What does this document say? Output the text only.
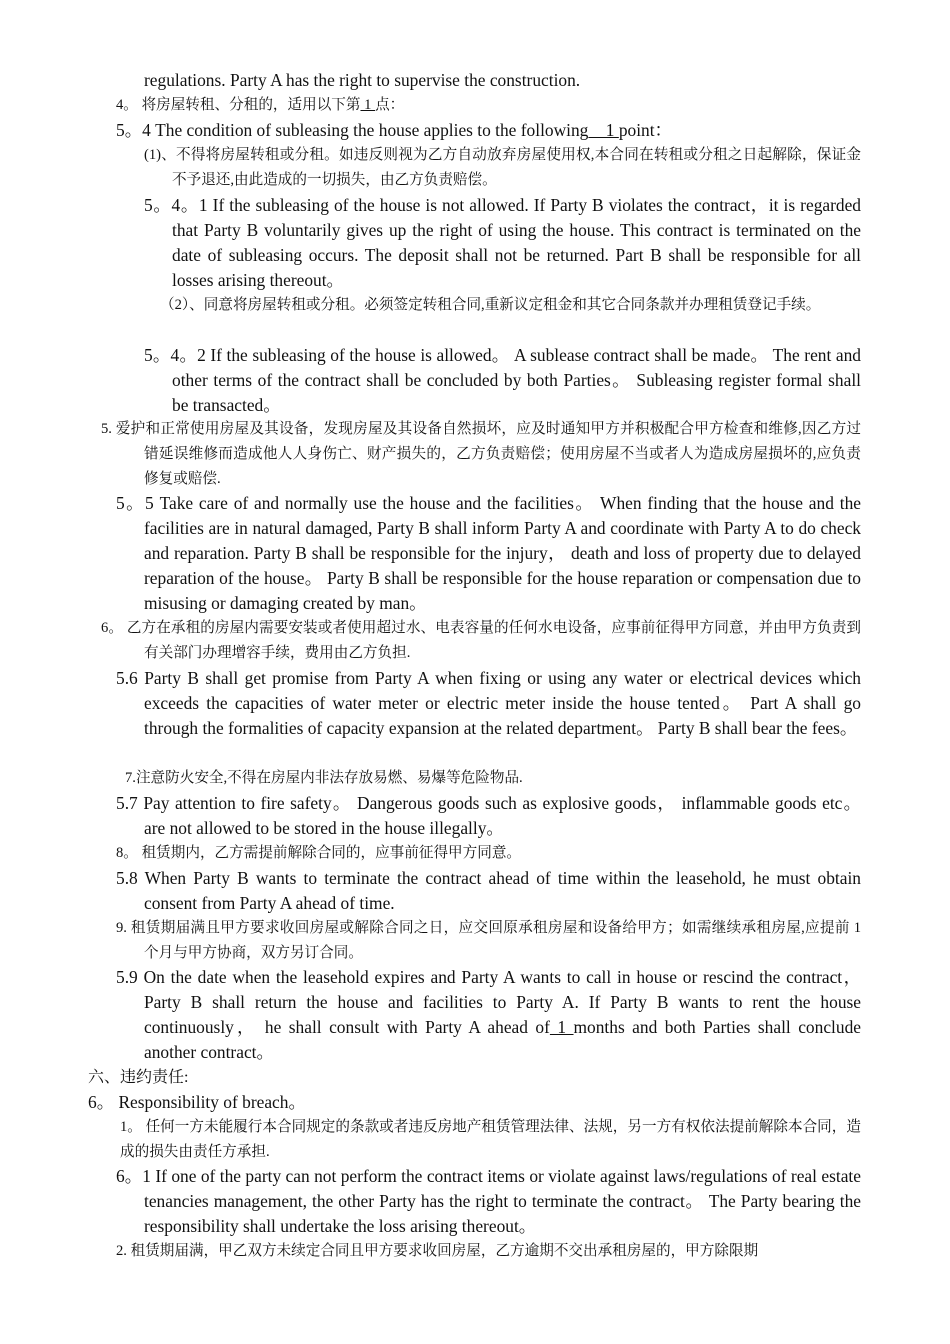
regulations. Party A has the right to supervise the construction.

4。 将房屋转租、分租的，适用以下第 1 点：

5。4 The condition of subleasing the house applies to the following    1 point：

(1)、不得将房屋转租或分租。如违反则视为乙方自动放弃房屋使用权,本合同在转租或分租之日起解除，保证金不予退还,由此造成的一切损失，由乙方负责赔偿。

5。4。1 If the subleasing of the house is not allowed. If Party B violates the contract，it is regarded that Party B voluntarily gives up the right of using the house. This contract is terminated on the date of subleasing occurs. The deposit shall not be returned. Part B shall be responsible for all losses arising thereout。

（2）、同意将房屋转租或分租。必须签定转租合同,重新议定租金和其它合同条款并办理租赁登记手续。

5。4。2 If the subleasing of the house is allowed。 A sublease contract shall be made。 The rent and other terms of the contract shall be concluded by both Parties。 Subleasing register formal shall be transacted。

5. 爱护和正常使用房屋及其设备，发现房屋及其设备自然损坏，应及时通知甲方并积极配合甲方检查和维修,因乙方过错延误维修而造成他人人身伤亡、财产损失的，乙方负责赔偿；使用房屋不当或者人为造成房屋损坏的,应负责修复或赔偿.

5。5 Take care of and normally use the house and the facilities。 When finding that the house and the facilities are in natural damaged, Party B shall inform Party A and coordinate with Party A to do check and reparation. Party B shall be responsible for the injury， death and loss of property due to delayed reparation of the house。 Party B shall be responsible for the house reparation or compensation due to misusing or damaging created by man。

6。 乙方在承租的房屋内需要安装或者使用超过水、电表容量的任何水电设备，应事前征得甲方同意，并由甲方负责到有关部门办理增容手续，费用由乙方负担.

5.6 Party B shall get promise from Party A when fixing or using any water or electrical devices which exceeds the capacities of water meter or electric meter inside the house tented。 Part A shall go through the formalities of capacity expansion at the related department。 Party B shall bear the fees。

7.注意防火安全,不得在房屋内非法存放易燃、易爆等危险物品.

5.7 Pay attention to fire safety。 Dangerous goods such as explosive goods， inflammable goods etc。 are not allowed to be stored in the house illegally。

8。 租赁期内，乙方需提前解除合同的，应事前征得甲方同意。

5.8 When Party B wants to terminate the contract ahead of time within the leasehold, he must obtain consent from Party A ahead of time.

9. 租赁期届满且甲方要求收回房屋或解除合同之日，应交回原承租房屋和设备给甲方；如需继续承租房屋,应提前 1 个月与甲方协商，双方另订合同。

5.9 On the date when the leasehold expires and Party A wants to call in house or rescind the contract， Party B shall return the house and facilities to Party A. If Party B wants to rent the house continuously， he shall consult with Party A ahead of 1 months and both Parties shall conclude another contract。

六、违约责任:

6。 Responsibility of breach。

1。 任何一方未能履行本合同规定的条款或者违反房地产租赁管理法律、法规，另一方有权依法提前解除本合同，造成的损失由责任方承担.

6。1 If one of the party can not perform the contract items or violate against laws/regulations of real estate tenancies management, the other Party has the right to terminate the contract。 The Party bearing the responsibility shall undertake the loss arising thereout。

2. 租赁期届满，甲乙双方未续定合同且甲方要求收回房屋，乙方逾期不交出承租房屋的，甲方除限期
